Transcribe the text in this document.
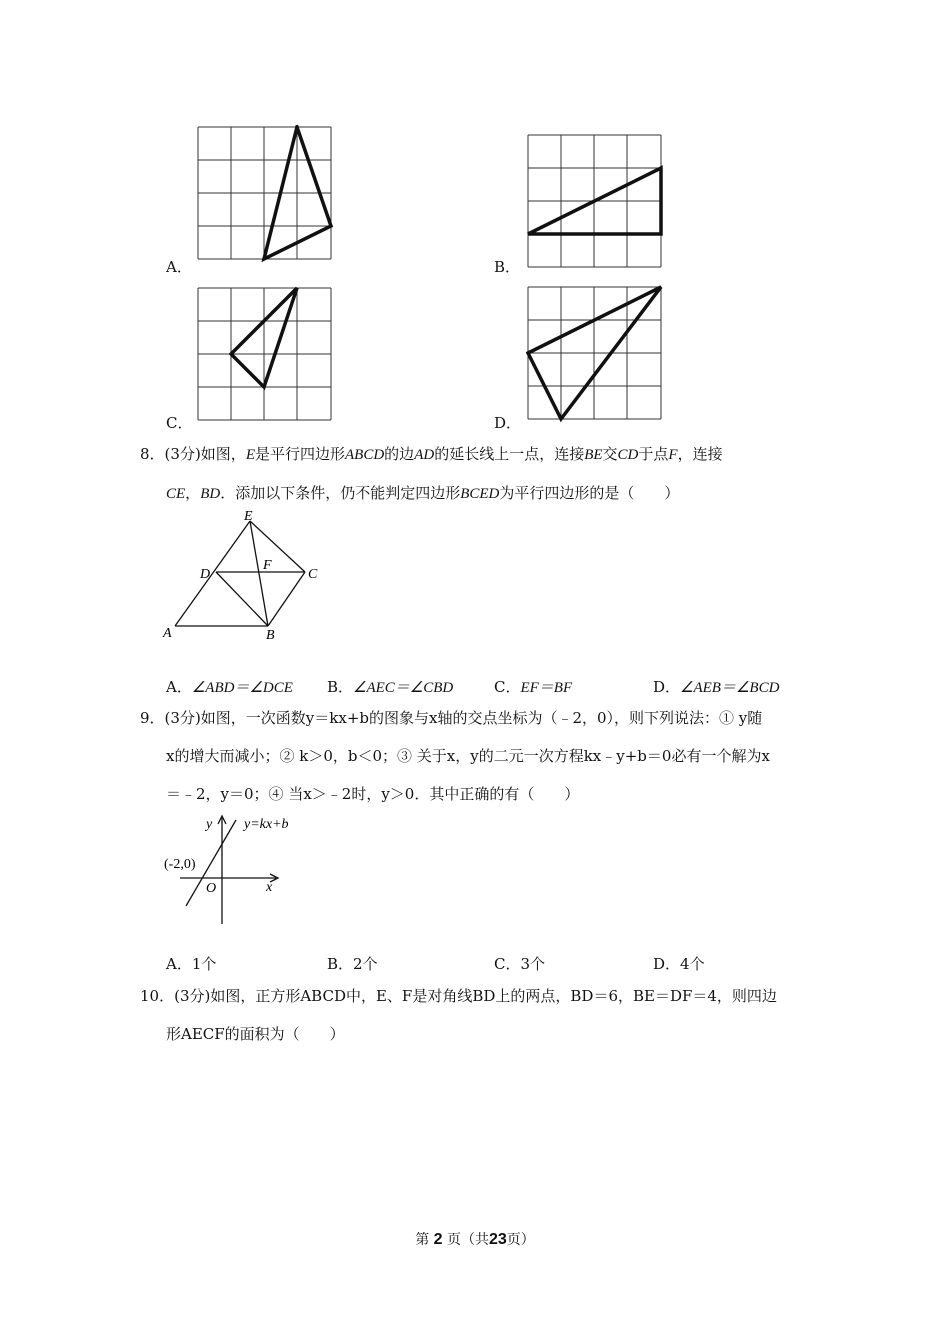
A．	B．
C．	D．
8．(3分)如图，E是平行四边形ABCD的边AD的延长线上一点，连接BE交CD于点F，连接
CE，BD．添加以下条件，仍不能判定四边形BCED为平行四边形的是（　　）
E
D
F
C
A	B
A．∠ABD＝∠DCE B．∠AEC＝∠CBD	C．EF＝BF	D．∠AEB＝∠BCD
9．(3分)如图，一次函数y＝kx+b的图象与x轴的交点坐标为（﹣2，0），则下列说法：① y随
x的增大而减小；② k＞0，b＜0；③ 关于x，y的二元一次方程kx﹣y+b＝0必有一个解为x
＝﹣2，y＝0；④ 当x＞﹣2时，y＞0．其中正确的有（　　）
y y=kx+b
(-2,0)
O	x
A．1个	B．2个	C．3个	D．4个
10．(3分)如图，正方形ABCD中，E、F是对角线BD上的两点，BD＝6，BE＝DF＝4，则四边
形AECF的面积为（　　）
第 2 页（共23页）
